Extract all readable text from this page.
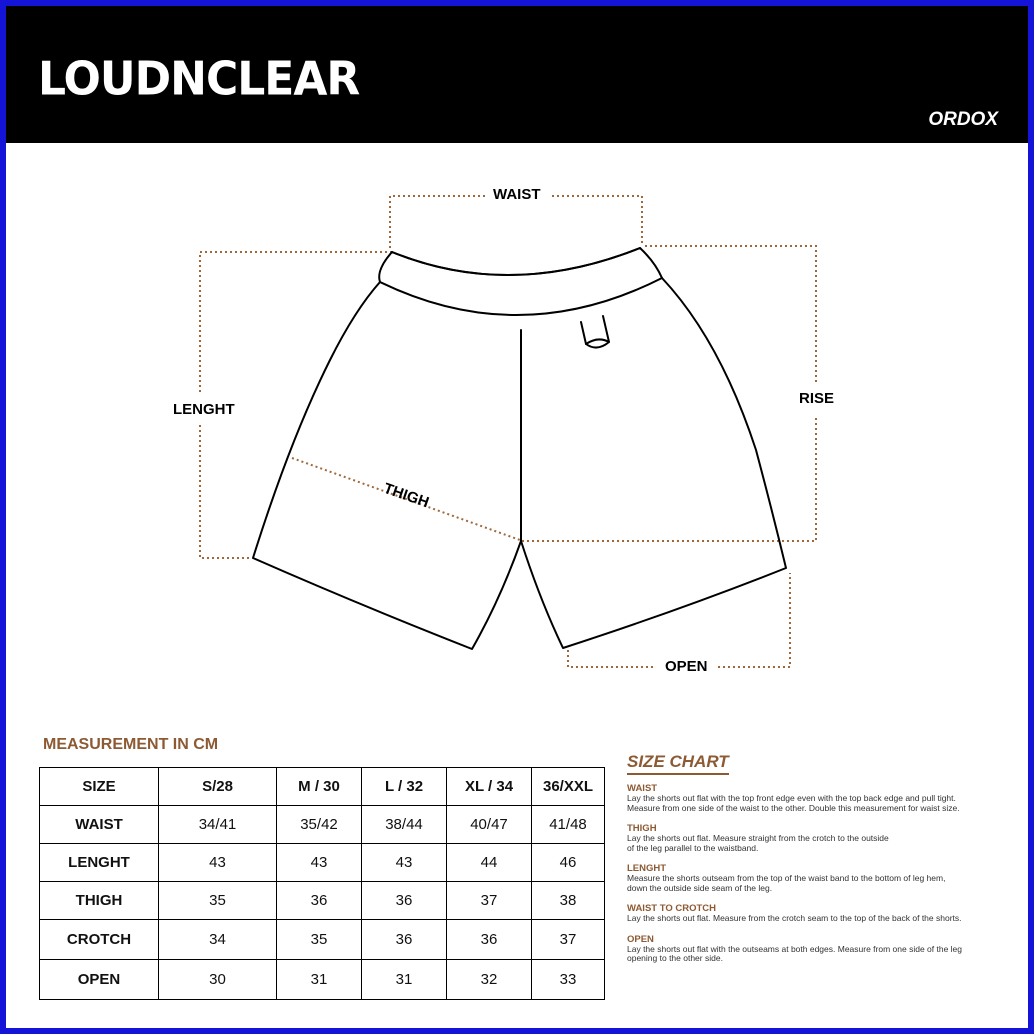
LOUDNCLEAR
ORDOX
WAIST
LENGHT
RISE
THIGH
OPEN
MEASUREMENT IN CM
SIZE	S/28	M / 30	L / 32	XL / 34	36/XXL
WAIST	34/41	35/42	38/44	40/47	41/48
LENGHT	43	43	43	44	46
THIGH	35	36	36	37	38
CROTCH	34	35	36	36	37
OPEN	30	31	31	32	33
SIZE CHART
WAIST
Lay the shorts out flat with the top front edge even with the top back edge and pull tight.
Measure from one side of the waist to the other. Double this measurement for waist size.
THIGH
Lay the shorts out flat. Measure straight from the crotch to the outside
of the leg parallel to the waistband.
LENGHT
Measure the shorts outseam from the top of the waist band to the bottom of leg hem,
down the outside side seam of the leg.
WAIST TO CROTCH
Lay the shorts out flat. Measure from the crotch seam to the top of the back of the shorts.
OPEN
Lay the shorts out flat with the outseams at both edges. Measure from one side of the leg
opening to the other side.
